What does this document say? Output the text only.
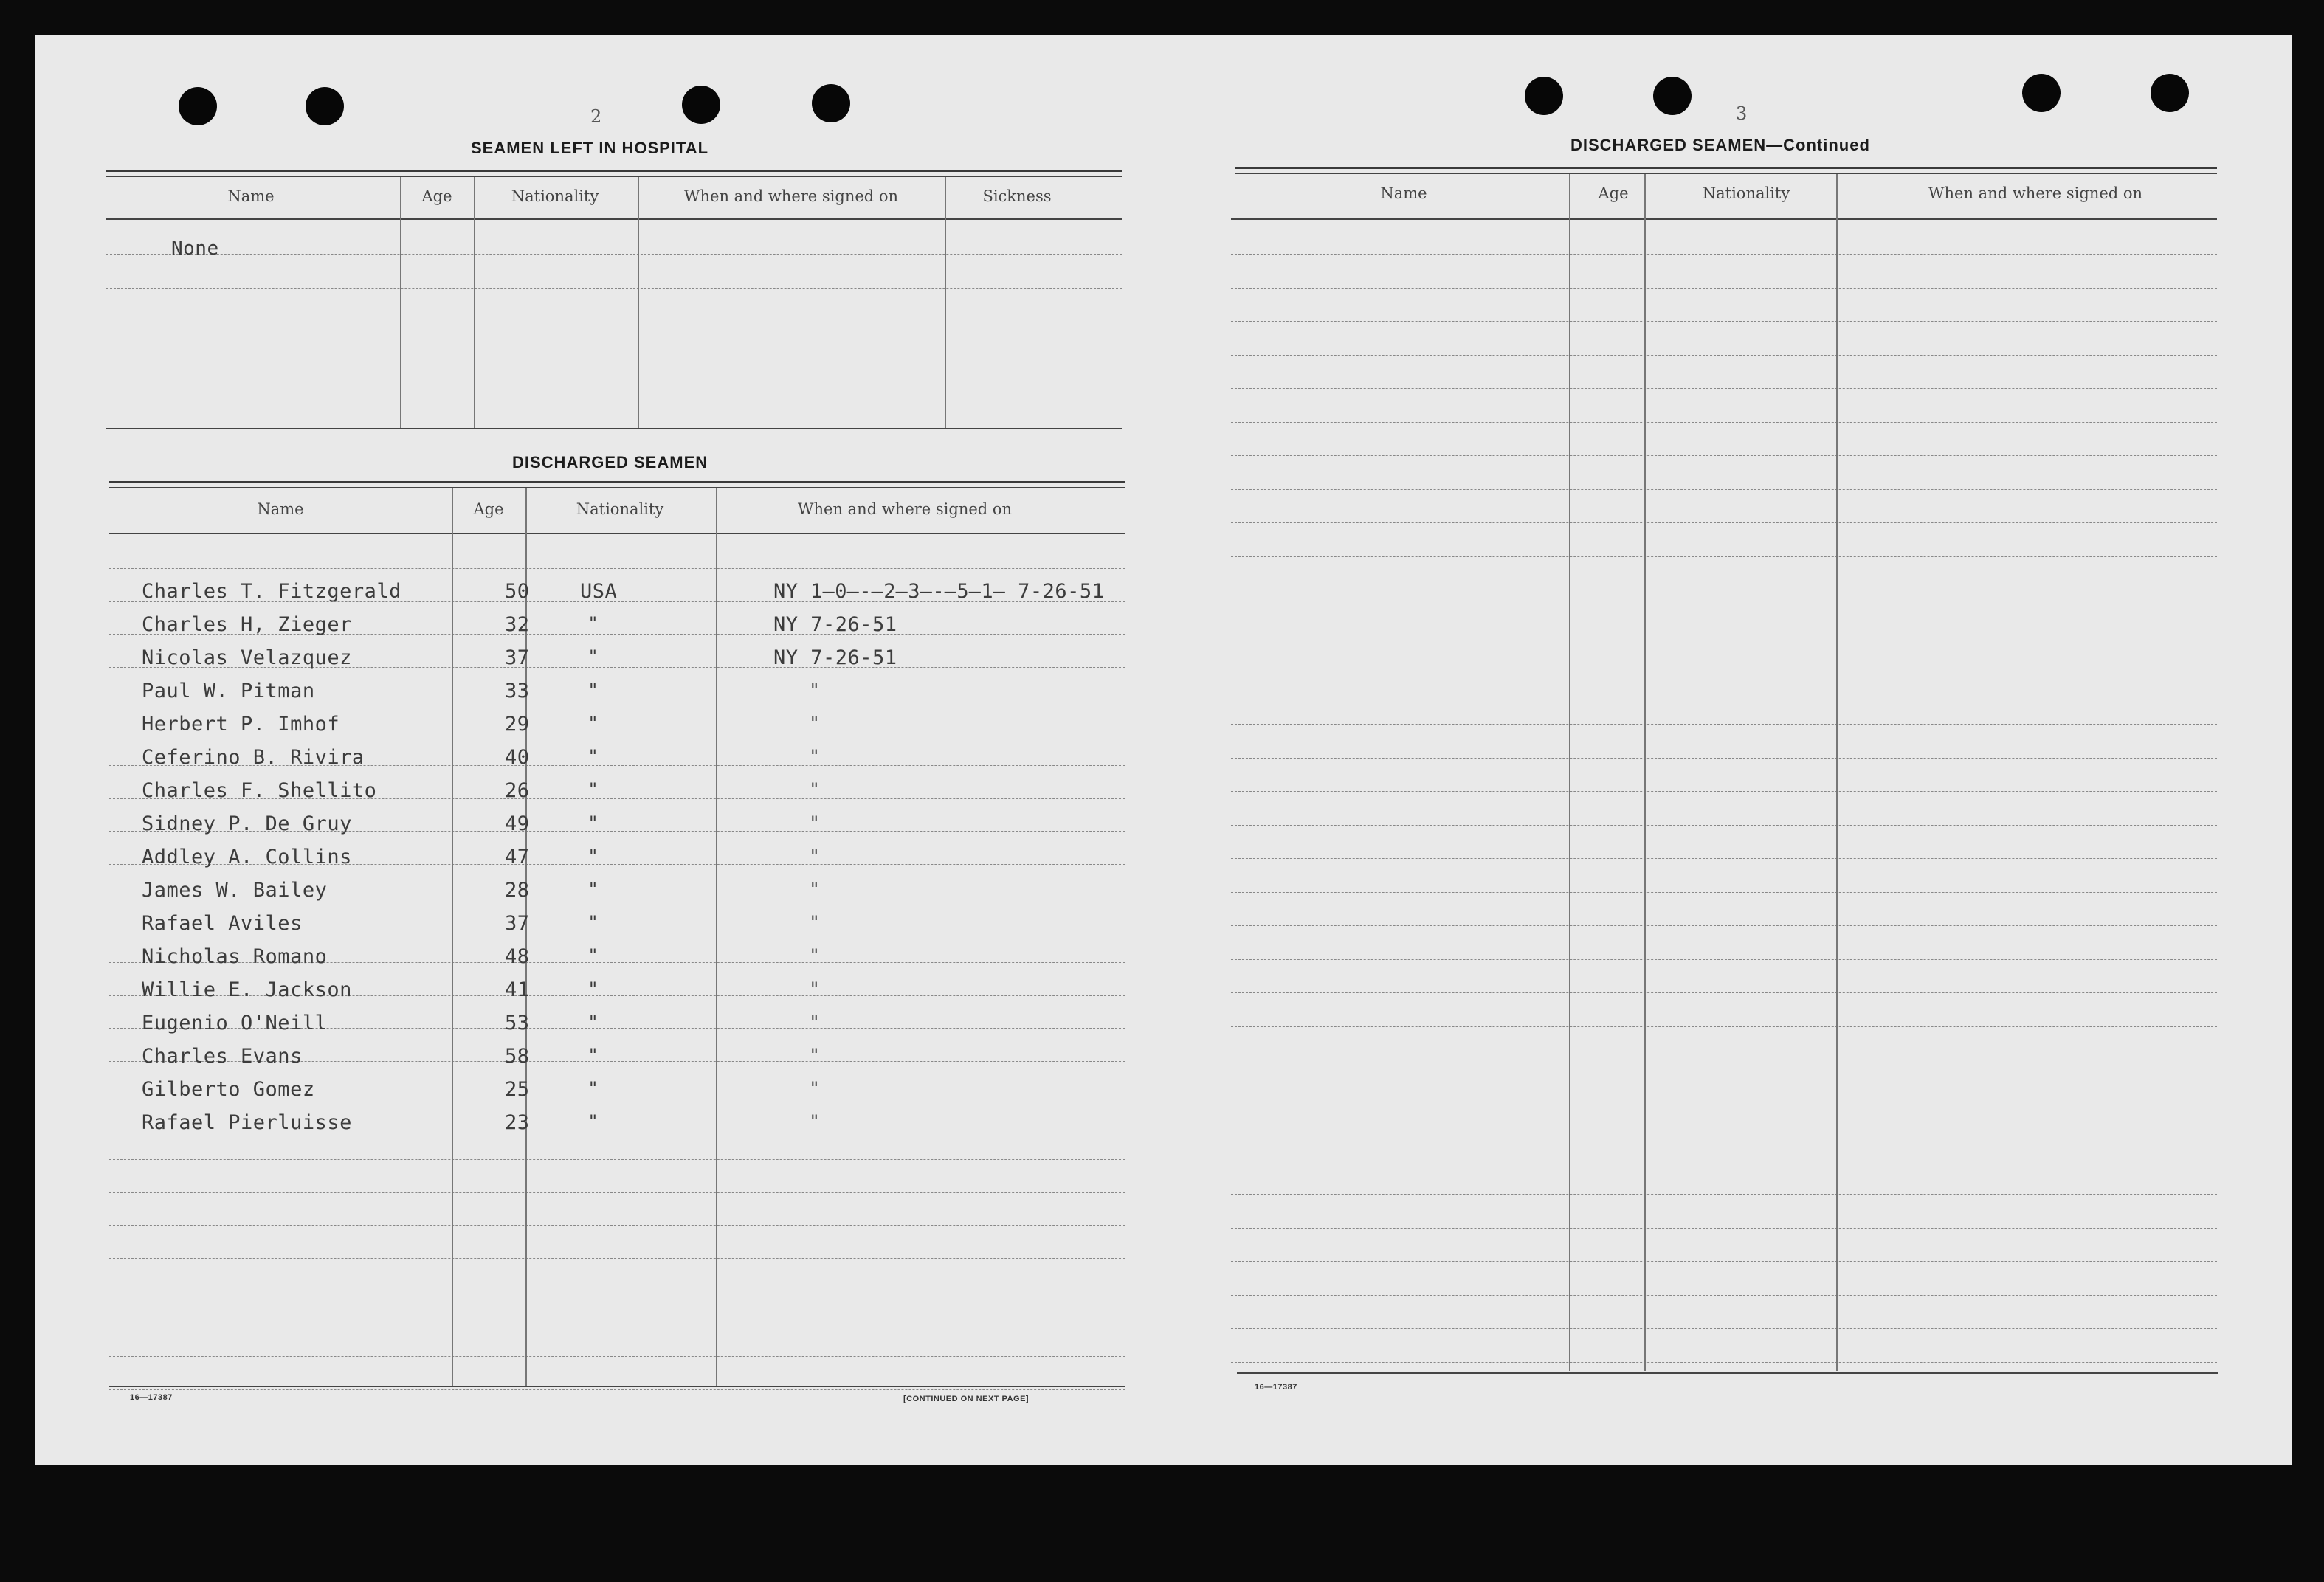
2
SEAMEN LEFT IN HOSPITAL
Name	Age	Nationality	When and where signed on	Sickness
None
DISCHARGED SEAMEN
Name	Age	Nationality	When and where signed on
Charles T. Fitzgerald	50	USA	NY 1̶0̶-̶2̶3̶-̶5̶1̶ 7-26-51
Charles H, Zieger	32	"	NY 7-26-51
Nicolas Velazquez	37	"	NY 7-26-51
Paul W. Pitman	33	"	"
Herbert P. Imhof	29	"	"
Ceferino B. Rivira	40	"	"
Charles F. Shellito	26	"	"
Sidney P. De Gruy	49	"	"
Addley A. Collins	47	"	"
James W. Bailey	28	"	"
Rafael Aviles	37	"	"
Nicholas Romano	48	"	"
Willie E. Jackson	41	"	"
Eugenio O'Neill	53	"	"
Charles Evans	58	"	"
Gilberto Gomez	25	"	"
Rafael Pierluisse	23	"	"
16—17387	[CONTINUED ON NEXT PAGE]
3
DISCHARGED SEAMEN—Continued
Name	Age	Nationality	When and where signed on
16—17387
